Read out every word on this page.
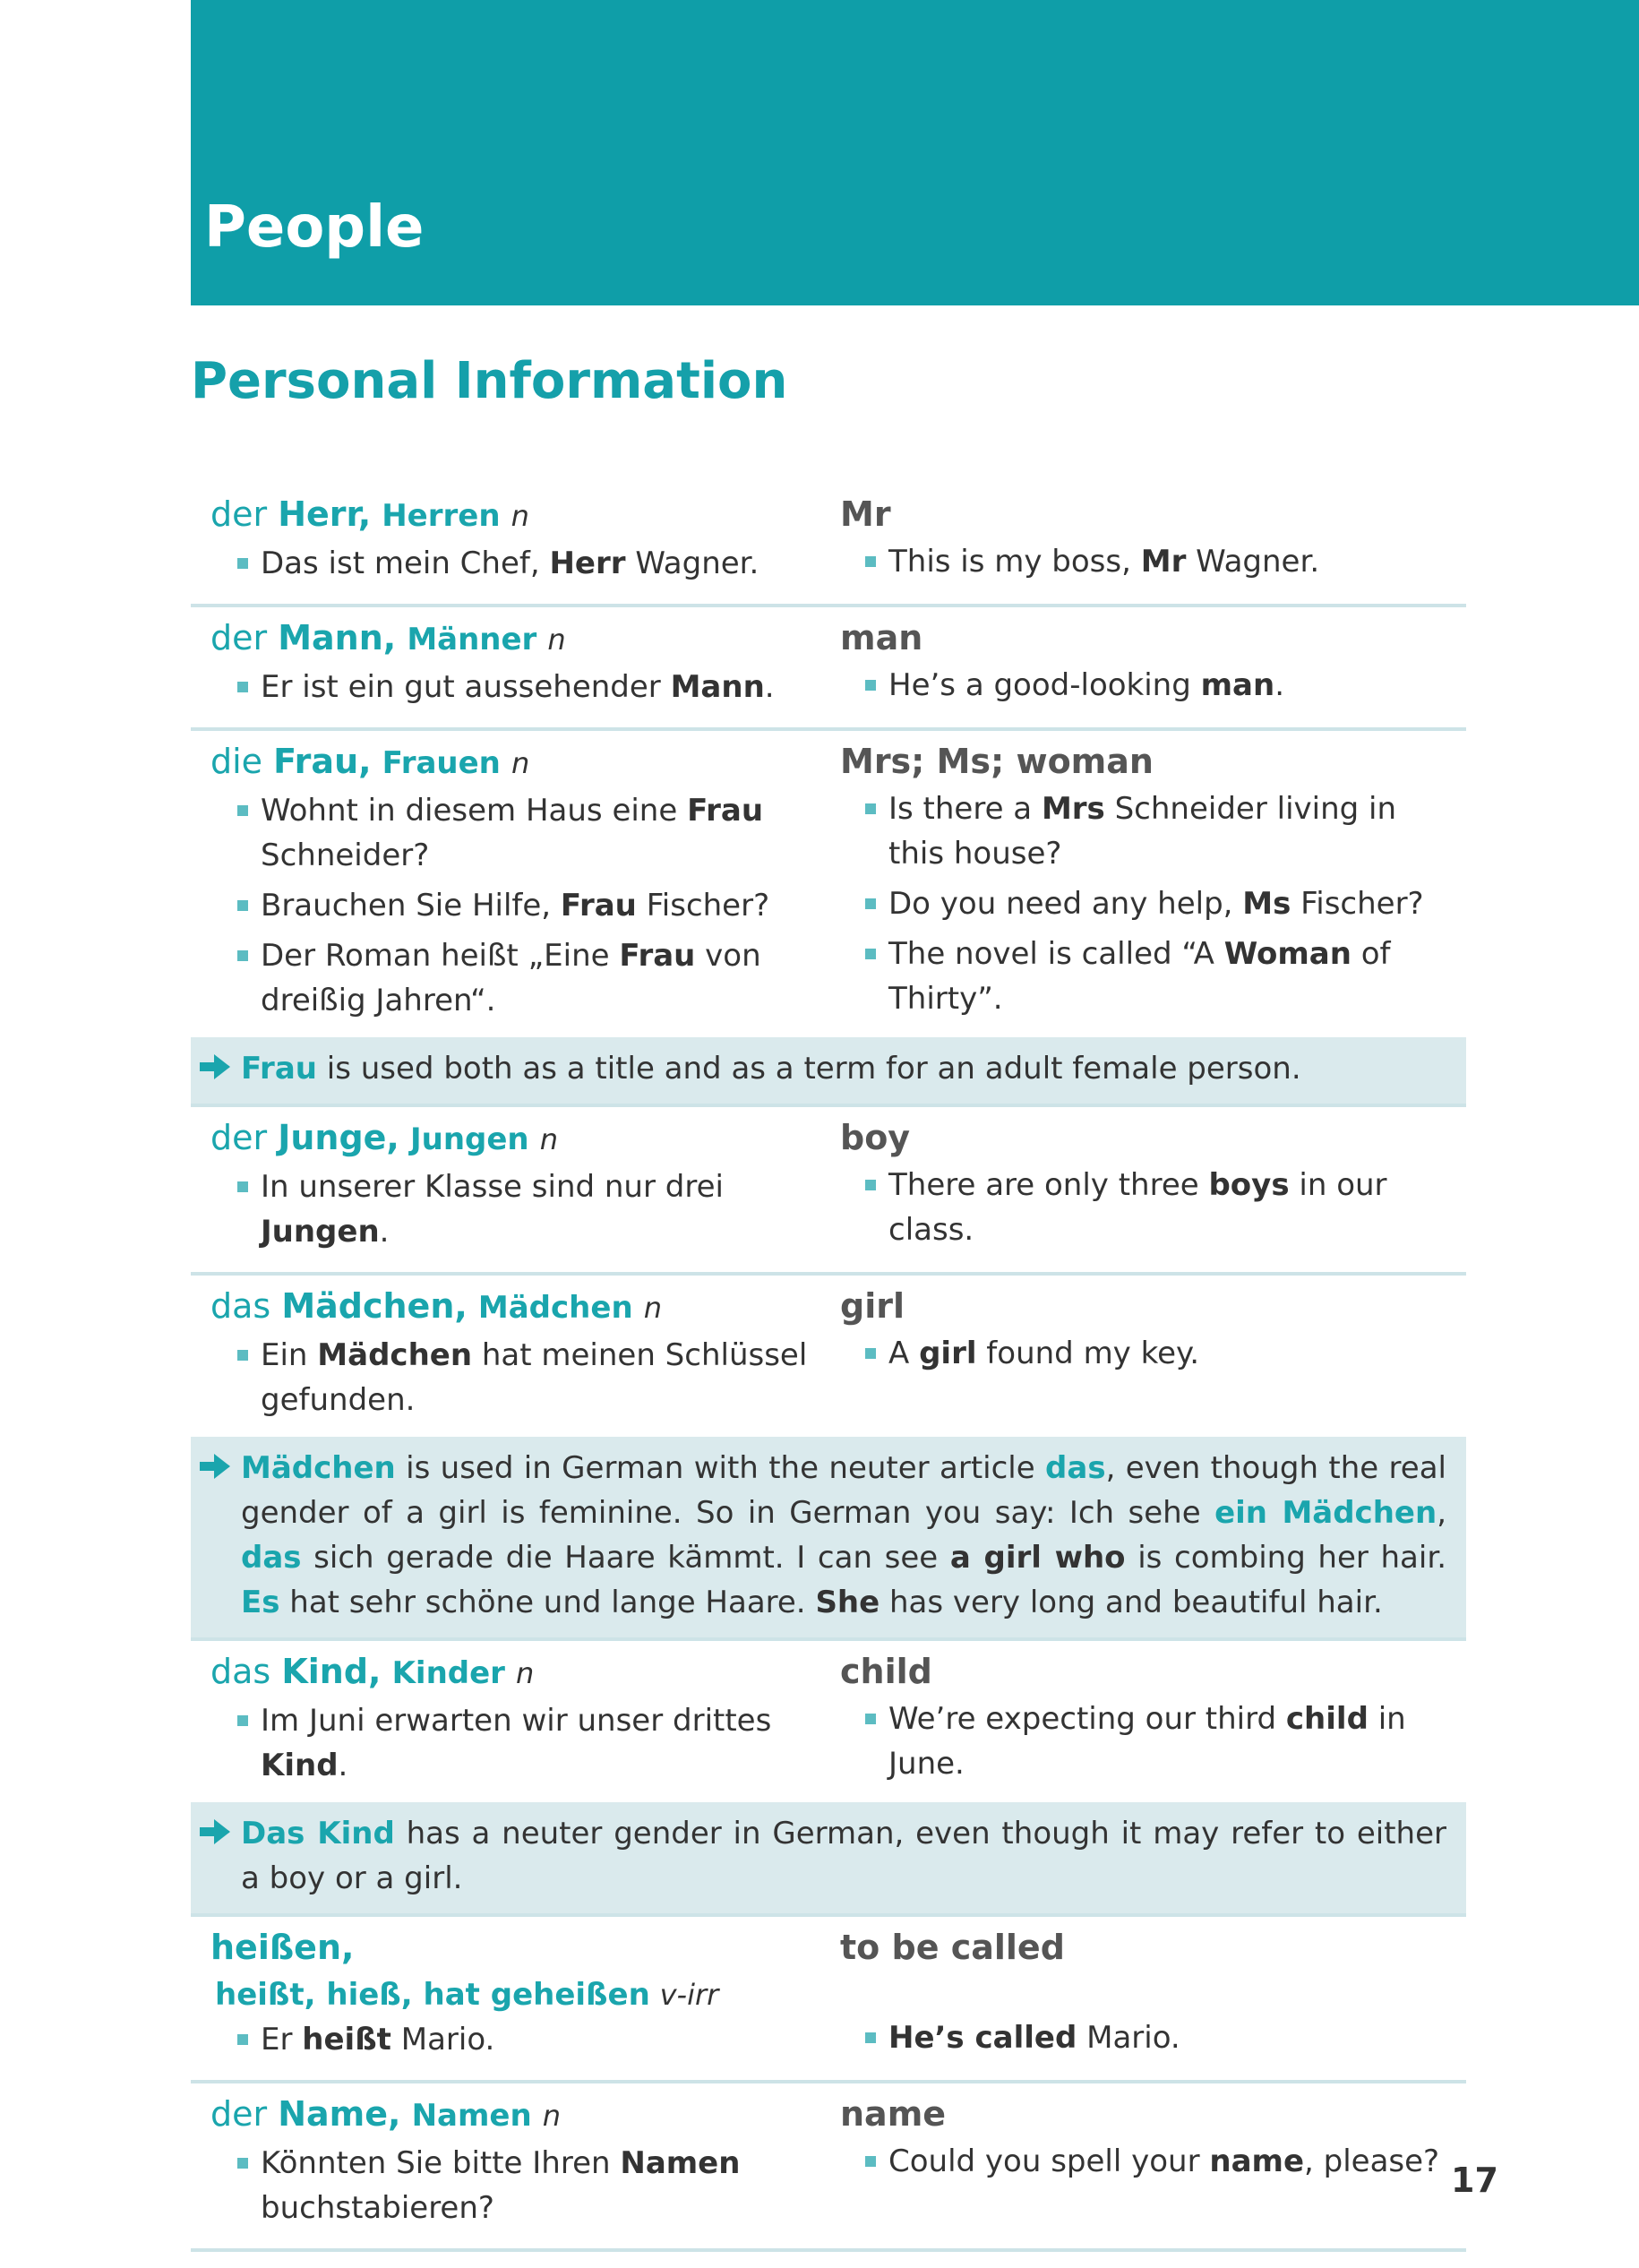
People
Personal Information
der Herr, Herren n
Das ist mein Chef, Herr Wagner.
Mr
This is my boss, Mr Wagner.
der Mann, Männer n
Er ist ein gut aussehender Mann.
man
He’s a good-looking man.
die Frau, Frauen n
Wohnt in diesem Haus eine Frau Schneider?
Brauchen Sie Hilfe, Frau Fischer?
Der Roman heißt „Eine Frau von dreißig Jahren“.
Mrs; Ms; woman
Is there a Mrs Schneider living in this house?
Do you need any help, Ms Fischer?
The novel is called “A Woman of Thirty”.
Frau is used both as a title and as a term for an adult female person.
der Junge, Jungen n
In unserer Klasse sind nur drei Jungen.
boy
There are only three boys in our class.
das Mädchen, Mädchen n
Ein Mädchen hat meinen Schlüssel gefunden.
girl
A girl found my key.
Mädchen is used in German with the neuter article das, even though the real gender of a girl is feminine. So in German you say: Ich sehe ein Mädchen, das sich gerade die Haare kämmt. I can see a girl who is combing her hair. Es hat sehr schöne und lange Haare. She has very long and beautiful hair.
das Kind, Kinder n
Im Juni erwarten wir unser drittes Kind.
child
We’re expecting our third child in June.
Das Kind has a neuter gender in German, even though it may refer to either a boy or a girl.
heißen,
heißt, hieß, hat geheißen v-irr
Er heißt Mario.
to be called
He’s called Mario.
der Name, Namen n
Könnten Sie bitte Ihren Namen buchstabieren?
name
Could you spell your name, please? 17
